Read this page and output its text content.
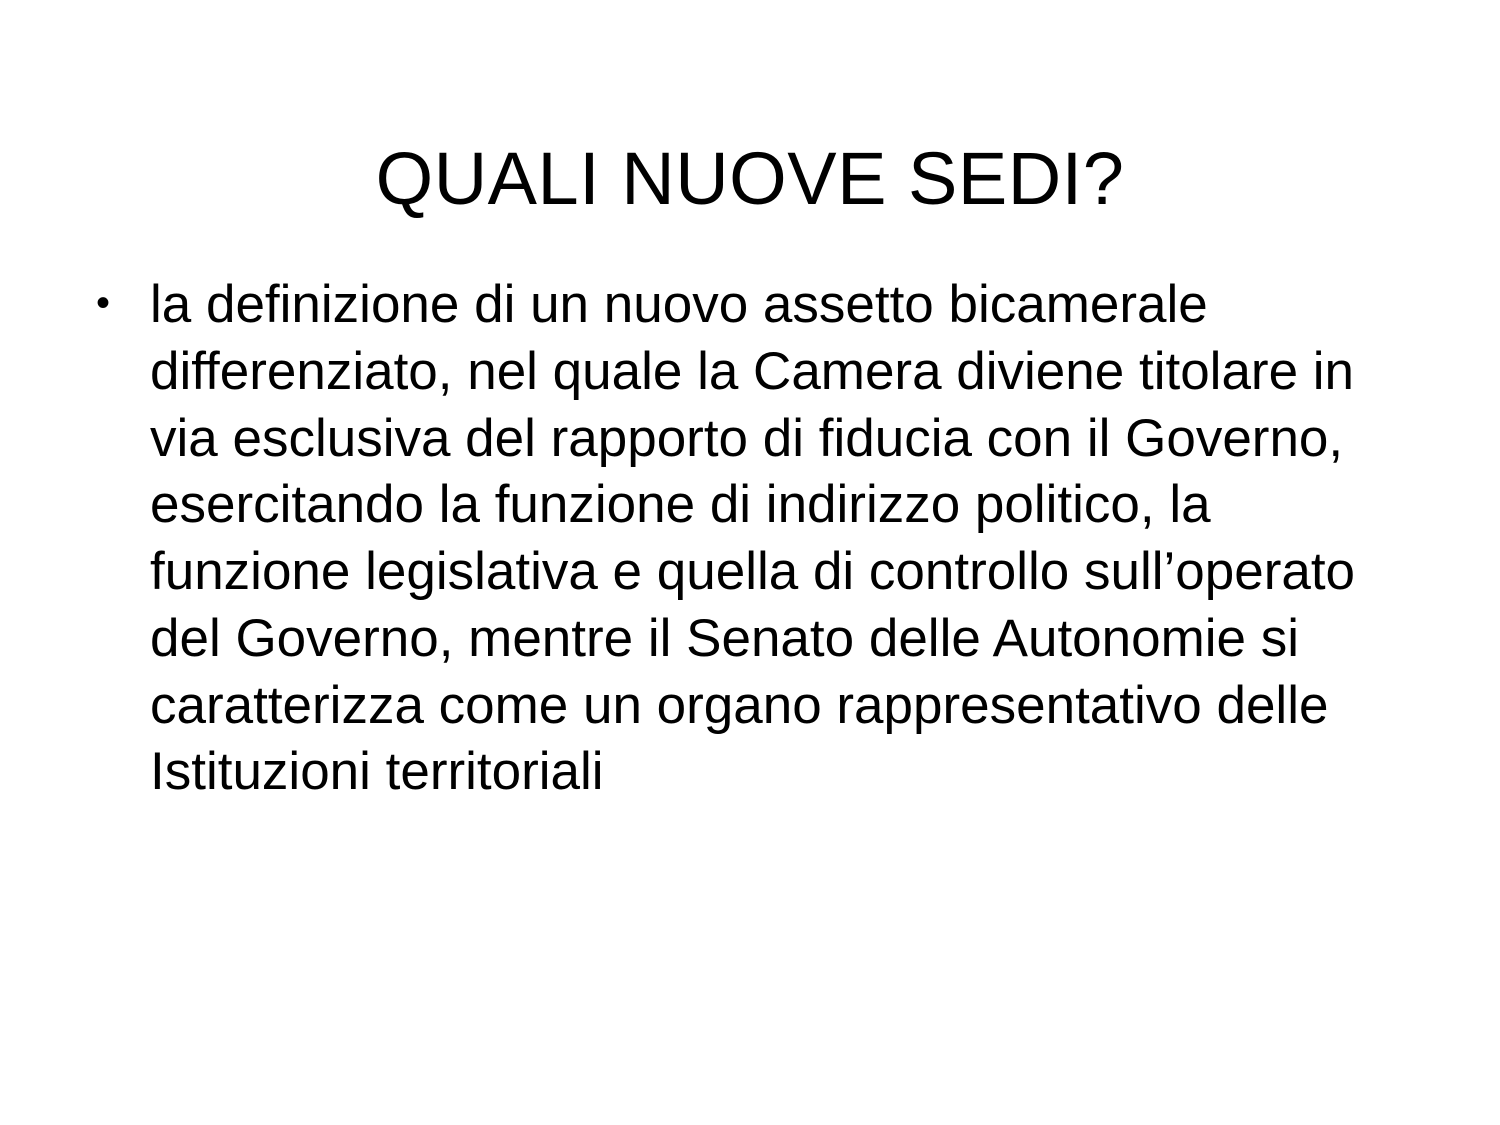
QUALI NUOVE SEDI?
• la definizione di un nuovo assetto bicamerale differenziato, nel quale la Camera diviene titolare in via esclusiva del rapporto di fiducia con il Governo, esercitando la funzione di indirizzo politico, la funzione legislativa e quella di controllo sull’operato del Governo, mentre il Senato delle Autonomie si caratterizza come un organo rappresentativo delle Istituzioni territoriali
